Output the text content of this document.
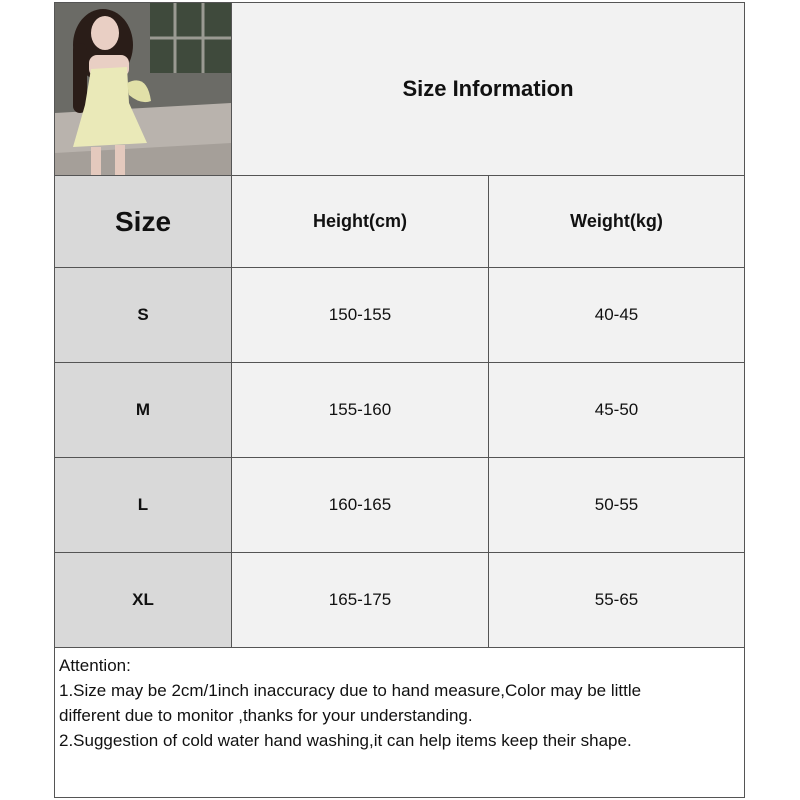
Size Information
Size	Height(cm)	Weight(kg)
S	150-155	40-45
M	155-160	45-50
L	160-165	50-55
XL	165-175	55-65
Attention:
1.Size may be 2cm/1inch inaccuracy due to hand measure,Color may be little
different due to monitor ,thanks for your understanding.
2.Suggestion of cold water hand washing,it can help items keep their shape.
